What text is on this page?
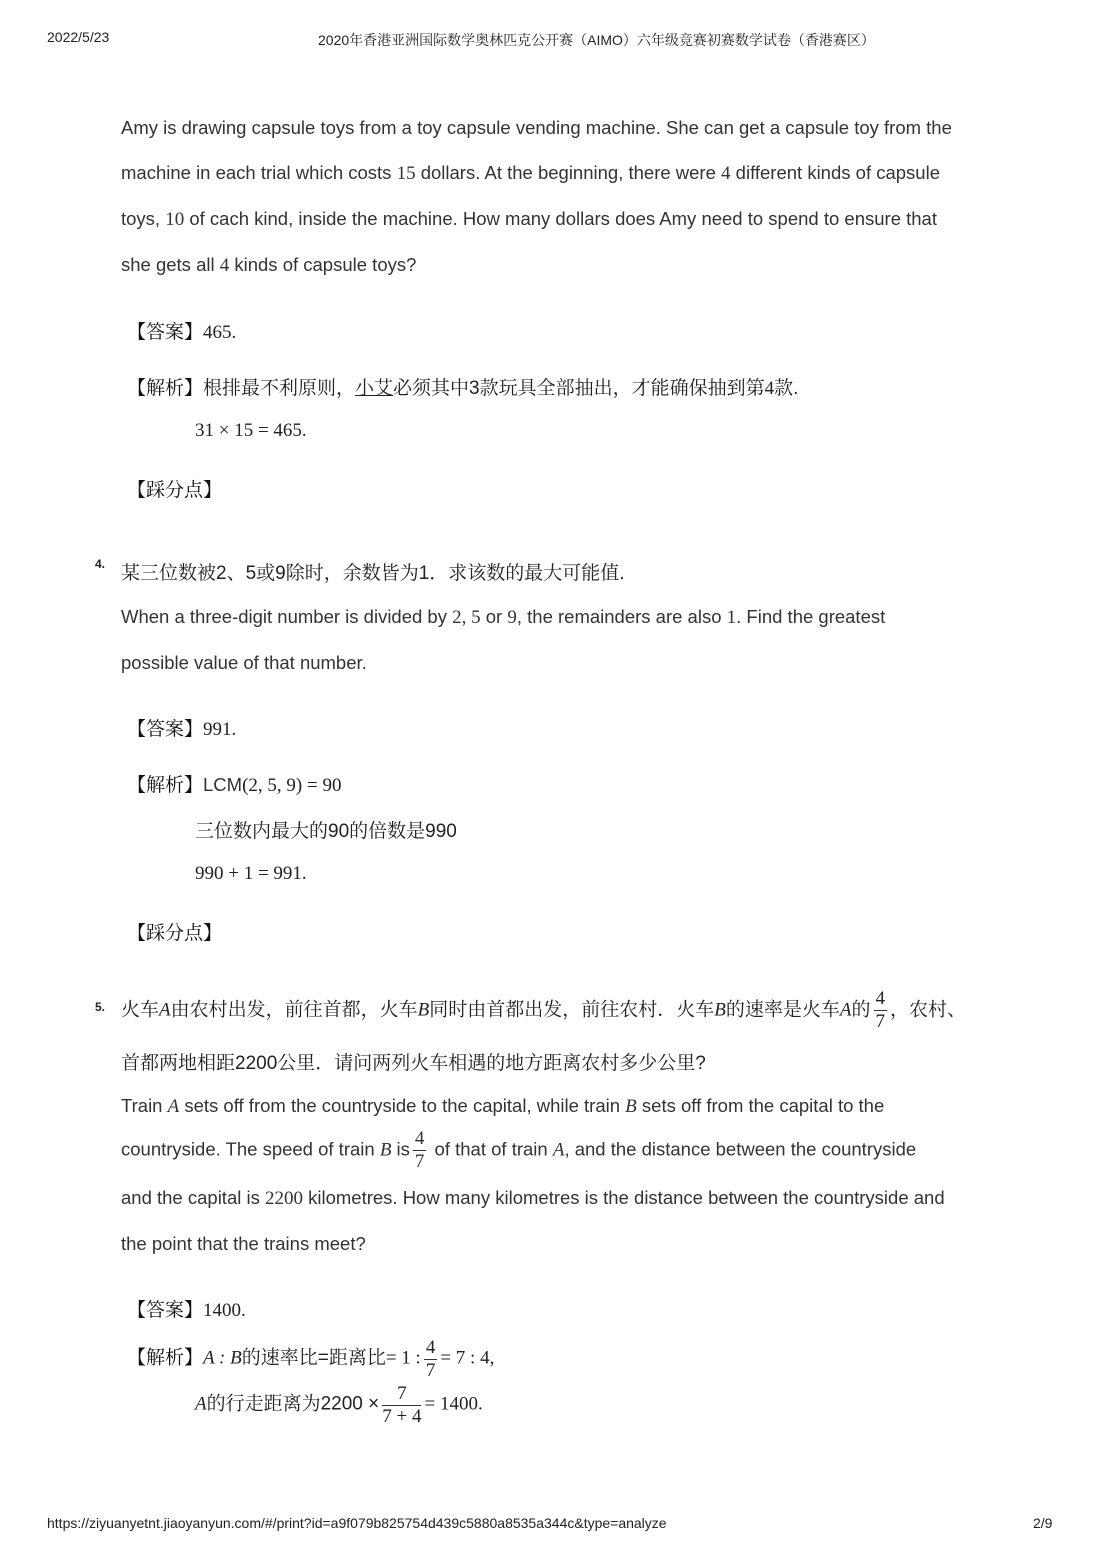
2022/5/23	2020年香港亚洲国际数学奥林匹克公开赛（AIMO）六年级竞赛初赛数学试卷（香港赛区）
Amy is drawing capsule toys from a toy capsule vending machine. She can get a capsule toy from the
machine in each trial which costs 15 dollars. At the beginning, there were 4 different kinds of capsule
toys, 10 of cach kind, inside the machine. How many dollars does Amy need to spend to ensure that
she gets all 4 kinds of capsule toys?
【答案】465.
【解析】根排最不利原则，小艾必须其中3款玩具全部抽出，才能确保抽到第4款.
31 × 15 = 465.
【踩分点】
4. 某三位数被2、5或9除时，余数皆为1．求该数的最大可能值.
When a three-digit number is divided by 2, 5 or 9, the remainders are also 1. Find the greatest
possible value of that number.
【答案】991.
【解析】LCM(2, 5, 9) = 90
三位数内最大的90的倍数是990
990 + 1 = 991.
【踩分点】
5. 火车A由农村出发，前往首都，火车B同时由首都出发，前往农村．火车B的速率是火车A的 $\frac{4}{7}$ ，农村、
首都两地相距2200公里．请问两列火车相遇的地方距离农村多少公里?
Train A sets off from the countryside to the capital, while train B sets off from the capital to the
countryside. The speed of train B is $\frac{4}{7}$ of that of train A, and the distance between the countryside
and the capital is 2200 kilometres. How many kilometres is the distance between the countryside and
the point that the trains meet?
【答案】1400.
【解析】A : B的速率比=距离比= 1 : $\frac{4}{7} = 7$ : 4,
A的行走距离为$2200 \times \frac{7}{7 + 4} = 1400$.
https://ziyuanyetnt.jiaoyanyun.com/#/print?id=a9f079b825754d439c5880a8535a344c&type=analyze	2/9
